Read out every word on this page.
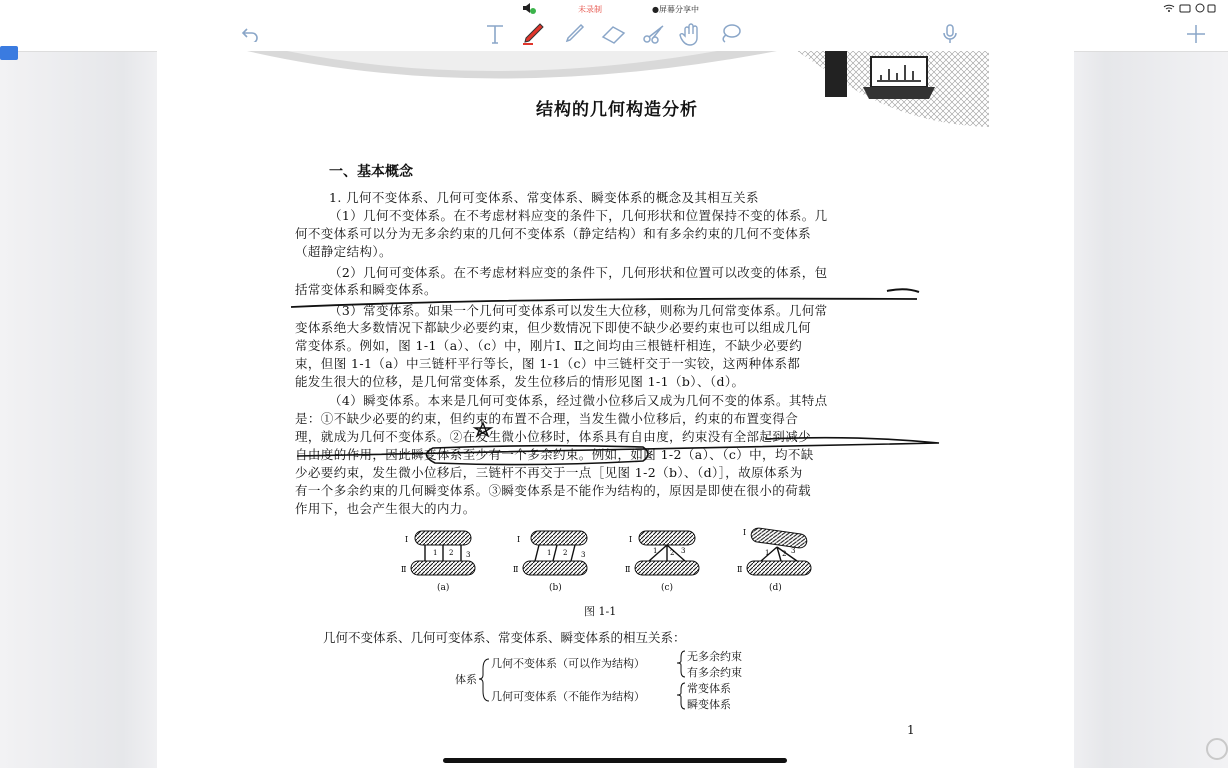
未录制	●屏幕分享中
结构的几何构造分析
一、基本概念
1. 几何不变体系、几何可变体系、常变体系、瞬变体系的概念及其相互关系
（1）几何不变体系。在不考虑材料应变的条件下，几何形状和位置保持不变的体系。几
何不变体系可以分为无多余约束的几何不变体系（静定结构）和有多余约束的几何不变体系
（超静定结构）。
（2）几何可变体系。在不考虑材料应变的条件下，几何形状和位置可以改变的体系，包
括常变体系和瞬变体系。
（3）常变体系。如果一个几何可变体系可以发生大位移，则称为几何常变体系。几何常
变体系绝大多数情况下都缺少必要约束，但少数情况下即使不缺少必要约束也可以组成几何
常变体系。例如，图 1-1（a）、（c）中，刚片Ⅰ、Ⅱ之间均由三根链杆相连，不缺少必要约
束，但图 1-1（a）中三链杆平行等长，图 1-1（c）中三链杆交于一实铰，这两种体系都
能发生很大的位移，是几何常变体系，发生位移后的情形见图 1-1（b）、（d）。
（4）瞬变体系。本来是几何可变体系，经过微小位移后又成为几何不变的体系。其特点
是：①不缺少必要的约束，但约束的布置不合理，当发生微小位移后，约束的布置变得合
理，就成为几何不变体系。②在发生微小位移时，体系具有自由度，约束没有全部起到减少
自由度的作用，因此瞬变体系至少有一个多余约束。例如，如图 1-2（a）、（c）中，均不缺
少必要约束，发生微小位移后，三链杆不再交于一点［见图 1-2（b）、（d）］，故原体系为
有一个多余约束的几何瞬变体系。③瞬变体系是不能作为结构的，原因是即使在很小的荷载
作用下，也会产生很大的内力。
Ⅰ
Ⅱ
1 2 3
Ⅰ
Ⅱ
1 2 3
Ⅰ
Ⅱ
1 2 3
Ⅰ
Ⅱ
1 2 3
(a)	(b)	(c)	(d)
图 1-1
几何不变体系、几何可变体系、常变体系、瞬变体系的相互关系：
体系
几何不变体系（可以作为结构）
几何可变体系（不能作为结构）
无多余约束
有多余约束
常变体系
瞬变体系
1
